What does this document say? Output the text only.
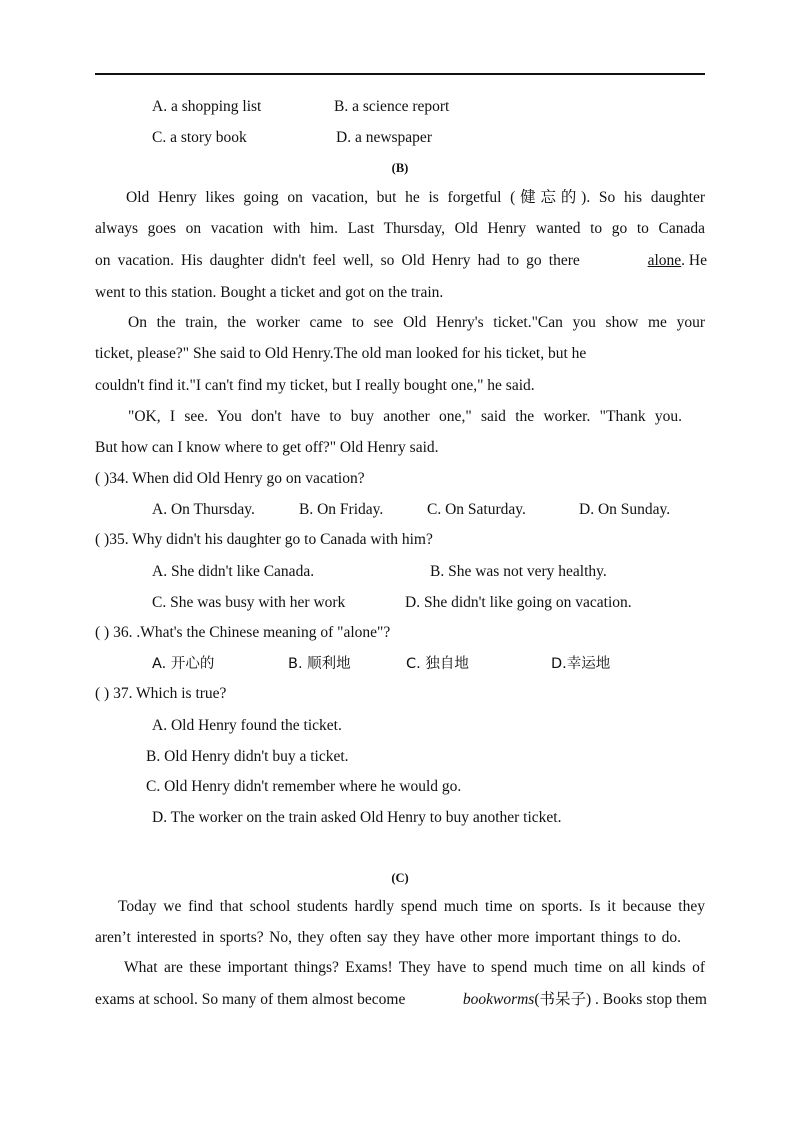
A. a shopping list	B. a science report
C. a story book	D. a newspaper
(B)
Old Henry likes going on vacation, but he is forgetful (健忘的). So his daughter
always goes on vacation with him. Last Thursday, Old Henry wanted to go to Canada
on vacation. His daughter didn't feel well, so Old Henry had to go there	alone. He
went to this station. Bought a ticket and got on the train.
On the train, the worker came to see Old Henry's ticket."Can you show me your
ticket, please?" She said to Old Henry.The old man looked for his ticket, but he
couldn't find it."I can't find my ticket, but I really bought one," he said.
"OK, I see. You don't have to buy another one," said the worker. "Thank you.
But how can I know where to get off?" Old Henry said.
( )34. When did Old Henry go on vacation?
A. On Thursday.	B. On Friday.	C. On Saturday.	D. On Sunday.
( )35. Why didn't his daughter go to Canada with him?
A. She didn't like Canada.	B. She was not very healthy.
C. She was busy with her work	D. She didn't like going on vacation.
( ) 36. .What's the Chinese meaning of "alone"?
A. 开心的	B. 顺利地	C. 独自地	D.幸运地
( ) 37. Which is true?
A. Old Henry found the ticket.
B. Old Henry didn't buy a ticket.
C. Old Henry didn't remember where he would go.
D. The worker on the train asked Old Henry to buy another ticket.
(C)
Today we find that school students hardly spend much time on sports. Is it because they
aren’t interested in sports? No, they often say they have other more important things to do.
What are these important things? Exams! They have to spend much time on all kinds of
exams at school. So many of them almost become	bookworms(书呆子) . Books stop them
